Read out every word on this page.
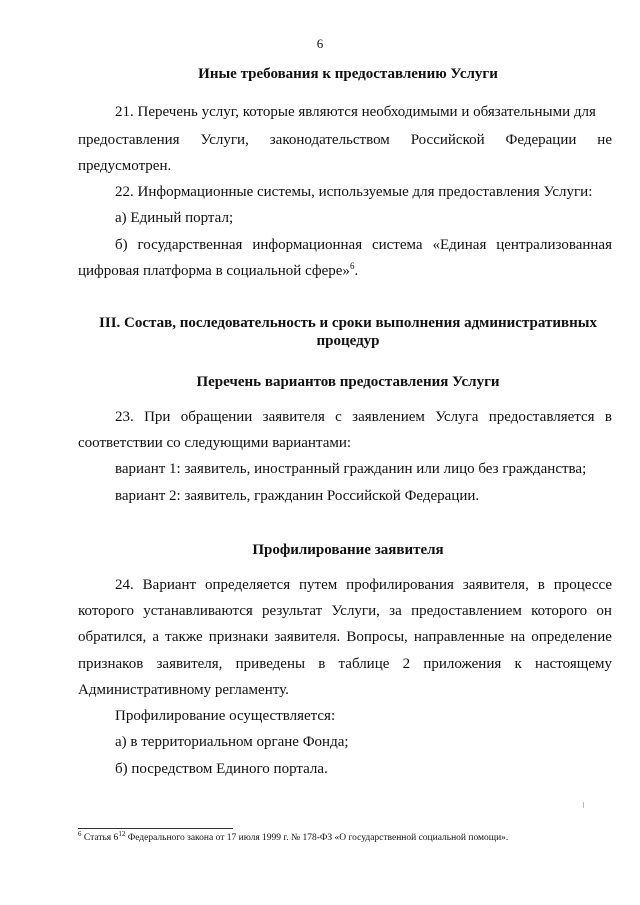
6
Иные требования к предоставлению Услуги
21. Перечень услуг, которые являются необходимыми и обязательными для
предоставления Услуги, законодательством Российской Федерации не
предусмотрен.
22. Информационные системы, используемые для предоставления Услуги:
а) Единый портал;
б) государственная информационная система «Единая централизованная
цифровая платформа в социальной сфере»$^6$.
III. Состав, последовательность и сроки выполнения административных
процедур
Перечень вариантов предоставления Услуги
23. При обращении заявителя с заявлением Услуга предоставляется в
соответствии со следующими вариантами:
вариант 1: заявитель, иностранный гражданин или лицо без гражданства;
вариант 2: заявитель, гражданин Российской Федерации.
Профилирование заявителя
24. Вариант определяется путем профилирования заявителя, в процессе
которого устанавливаются результат Услуги, за предоставлением которого он
обратился, а также признаки заявителя. Вопросы, направленные на определение
признаков заявителя, приведены в таблице 2 приложения к настоящему
Административному регламенту.
Профилирование осуществляется:
а) в территориальном органе Фонда;
б) посредством Единого портала.
$^6$ Статья $6^{12}$ Федерального закона от 17 июля 1999 г. № 178-ФЗ «О государственной социальной помощи».
